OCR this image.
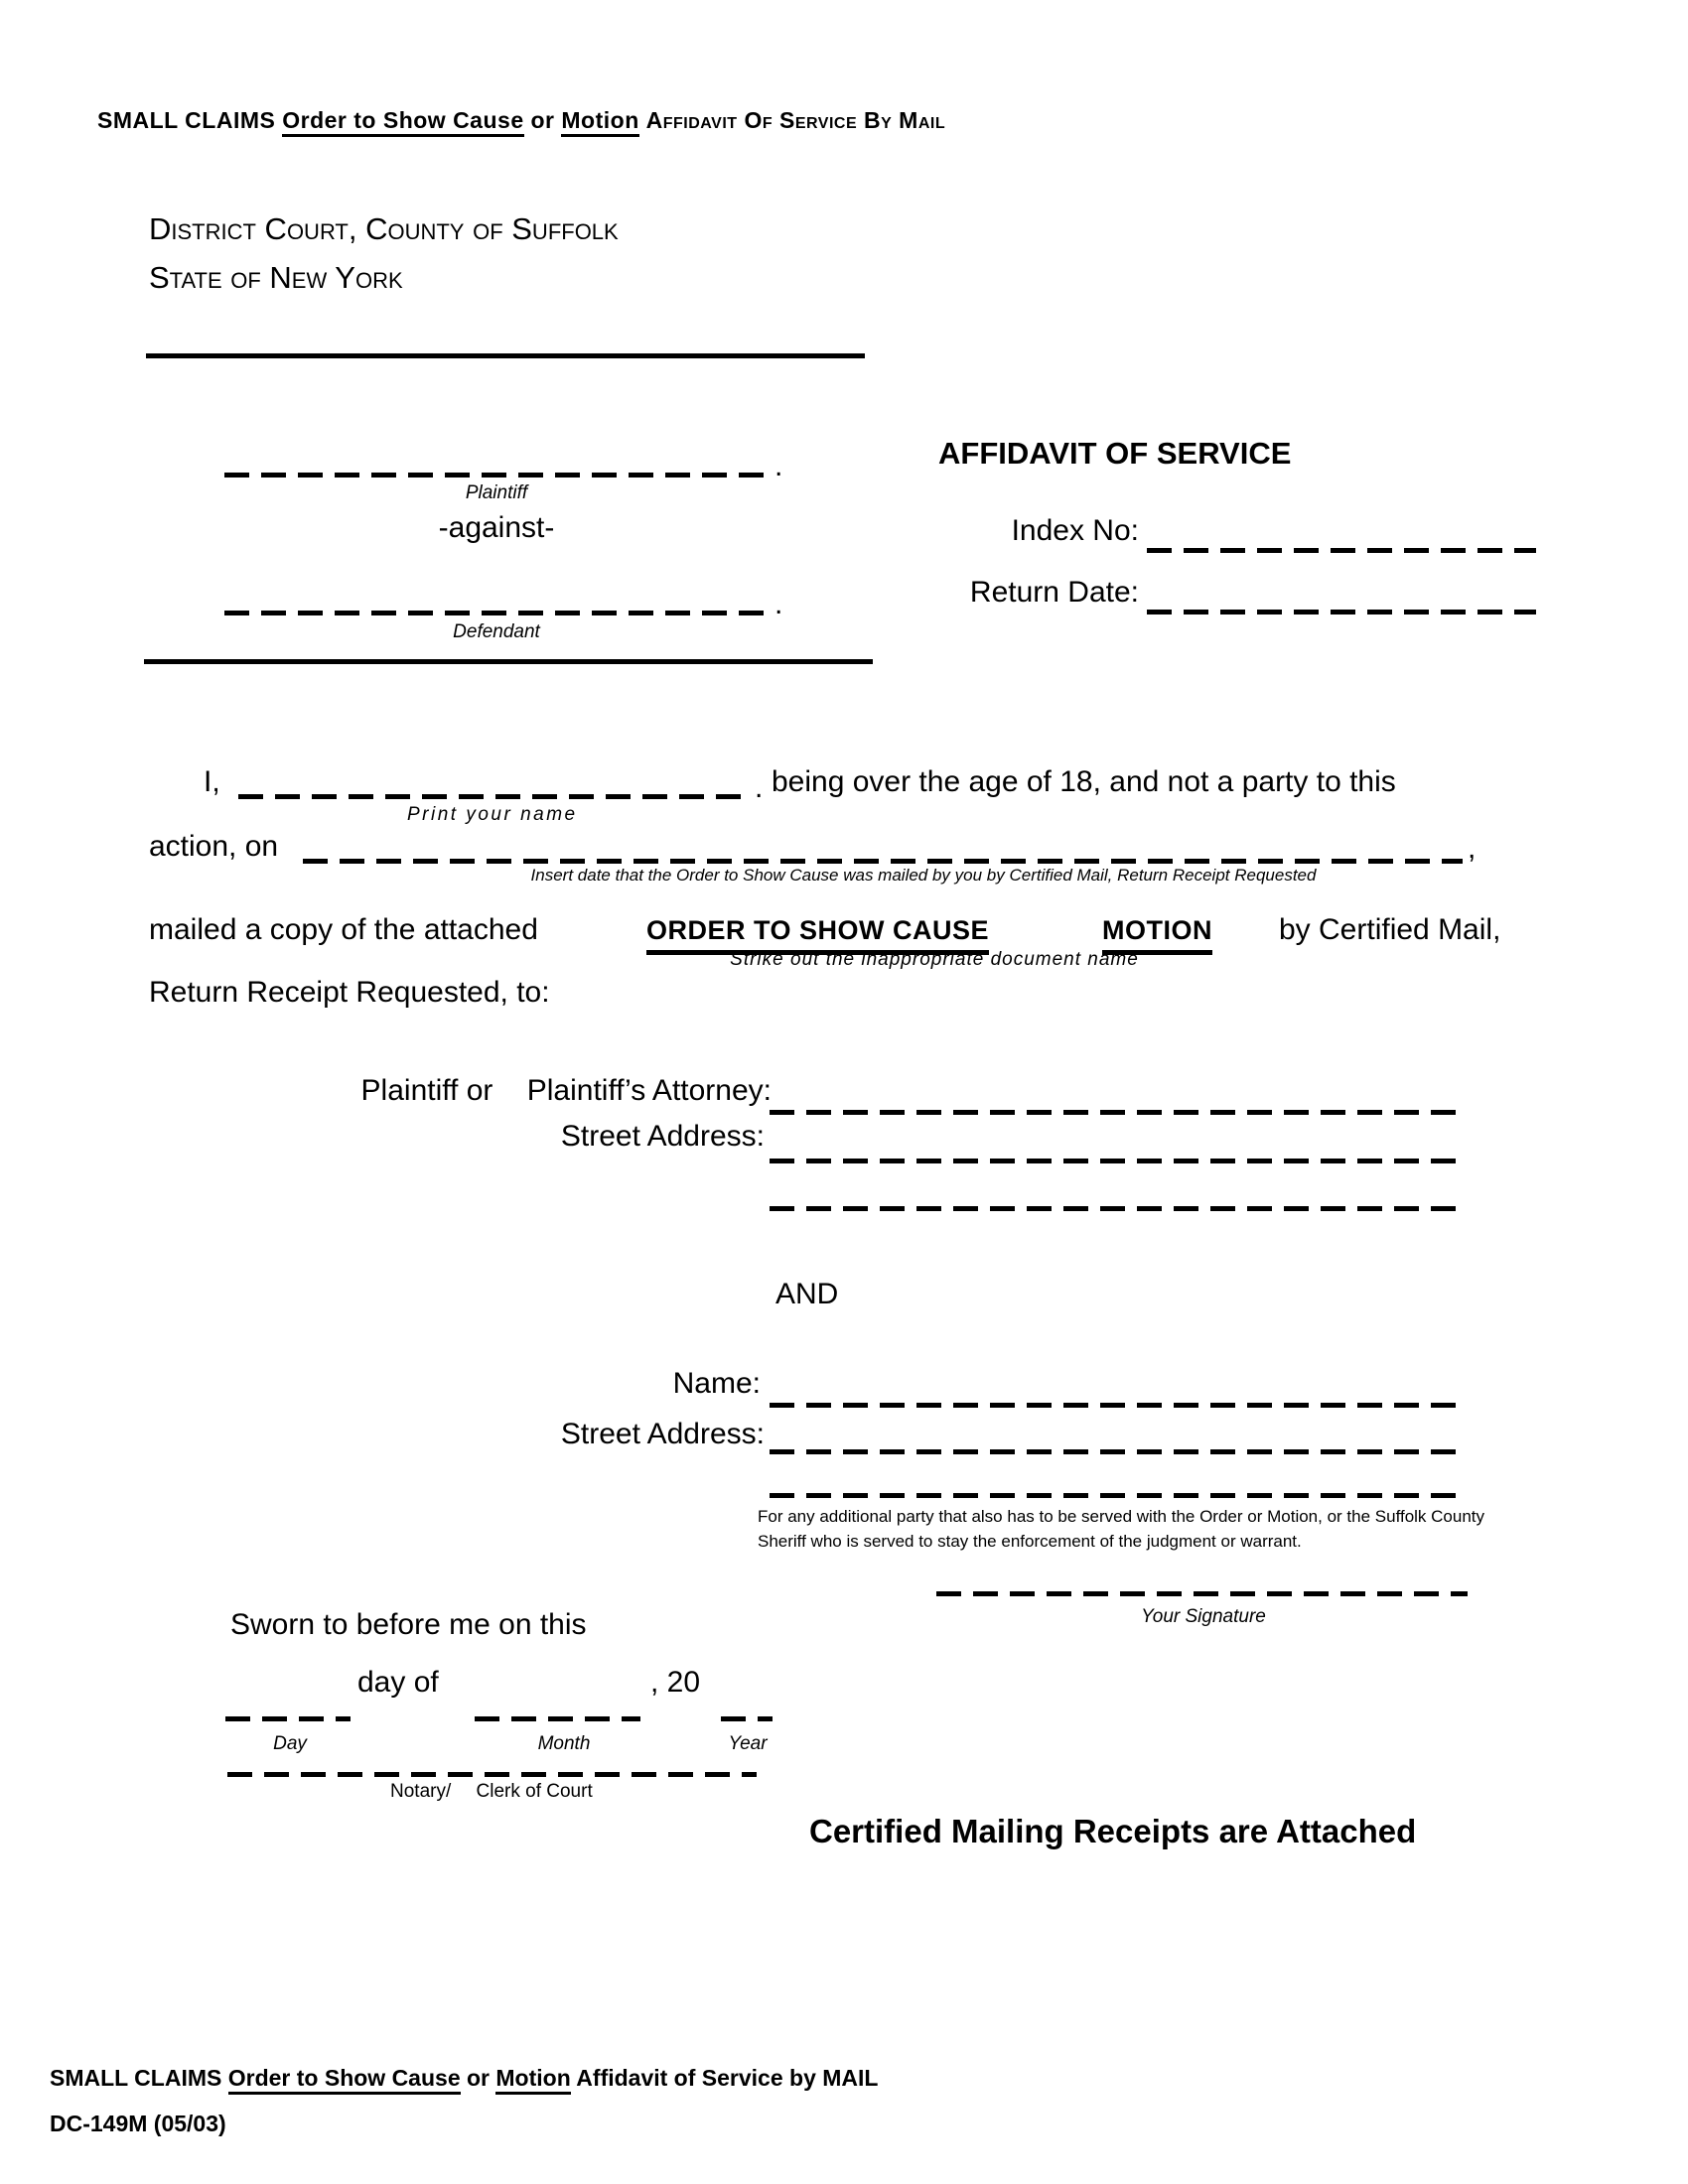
SMALL CLAIMS Order to Show Cause or Motion Affidavit Of Service By Mail
District Court, County of Suffolk
State of New York
.
Plaintiff
-against-
.
Defendant
AFFIDAVIT OF SERVICE
Index No:
Return Date:
I,	. being over the age of 18, and not a party to this
Print your name
action, on	,
Insert date that the Order to Show Cause was mailed by you by Certified Mail, Return Receipt Requested
mailed a copy of the attached	ORDER TO SHOW CAUSE	MOTION by Certified Mail,
Strike out the inappropriate document name
Return Receipt Requested, to:
Plaintiff or Plaintiff’s Attorney:
Street Address:
AND
Name:
Street Address:
For any additional party that also has to be served with the Order or Motion, or the Suffolk County
Sheriff who is served to stay the enforcement of the judgment or warrant.
Your Signature
Sworn to before me on this
day of	, 20
Day	Month	Year
Notary/ Clerk of Court
Certified Mailing Receipts are Attached
SMALL CLAIMS Order to Show Cause or Motion Affidavit of Service by MAIL
DC-149M (05/03)
